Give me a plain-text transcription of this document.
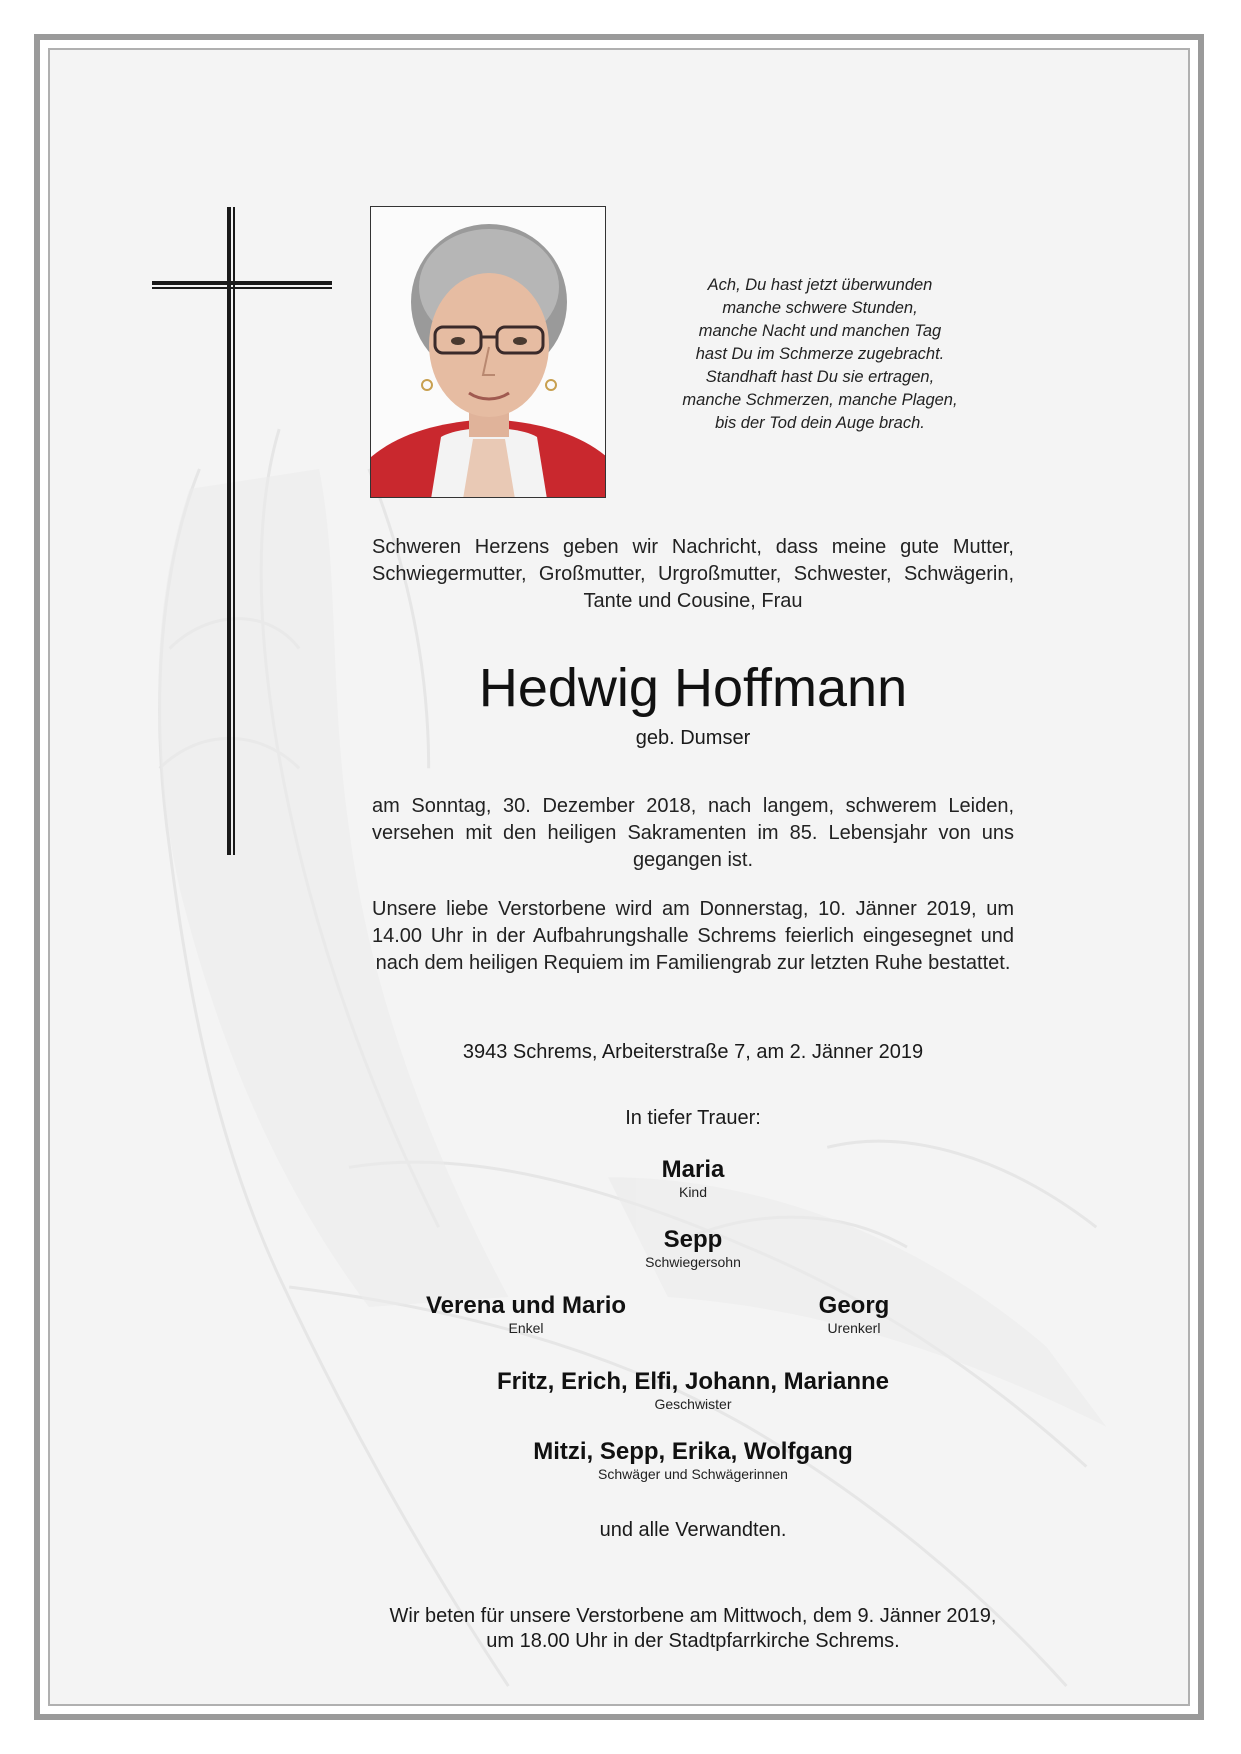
Ach, Du hast jetzt überwunden
manche schwere Stunden,
manche Nacht und manchen Tag
hast Du im Schmerze zugebracht.
Standhaft hast Du sie ertragen,
manche Schmerzen, manche Plagen,
bis der Tod dein Auge brach.
Schweren Herzens geben wir Nachricht, dass meine gute Mutter, Schwiegermutter, Großmutter, Urgroßmutter, Schwester, Schwägerin, Tante und Cousine, Frau
Hedwig Hoffmann
geb. Dumser
am Sonntag, 30. Dezember 2018, nach langem, schwerem Leiden, versehen mit den heiligen Sakramenten im 85. Lebensjahr von uns gegangen ist.
Unsere liebe Verstorbene wird am Donnerstag, 10. Jänner 2019, um 14.00 Uhr in der Aufbahrungshalle Schrems feierlich eingesegnet und nach dem heiligen Requiem im Familiengrab zur letzten Ruhe bestattet.
3943 Schrems, Arbeiterstraße 7, am 2. Jänner 2019
In tiefer Trauer:
Maria
Kind
Sepp
Schwiegersohn
Verena und Mario
Enkel
Georg
Urenkerl
Fritz, Erich, Elfi, Johann, Marianne
Geschwister
Mitzi, Sepp, Erika, Wolfgang
Schwäger und Schwägerinnen
und alle Verwandten.
Wir beten für unsere Verstorbene am Mittwoch, dem 9. Jänner 2019,
um 18.00 Uhr in der Stadtpfarrkirche Schrems.
